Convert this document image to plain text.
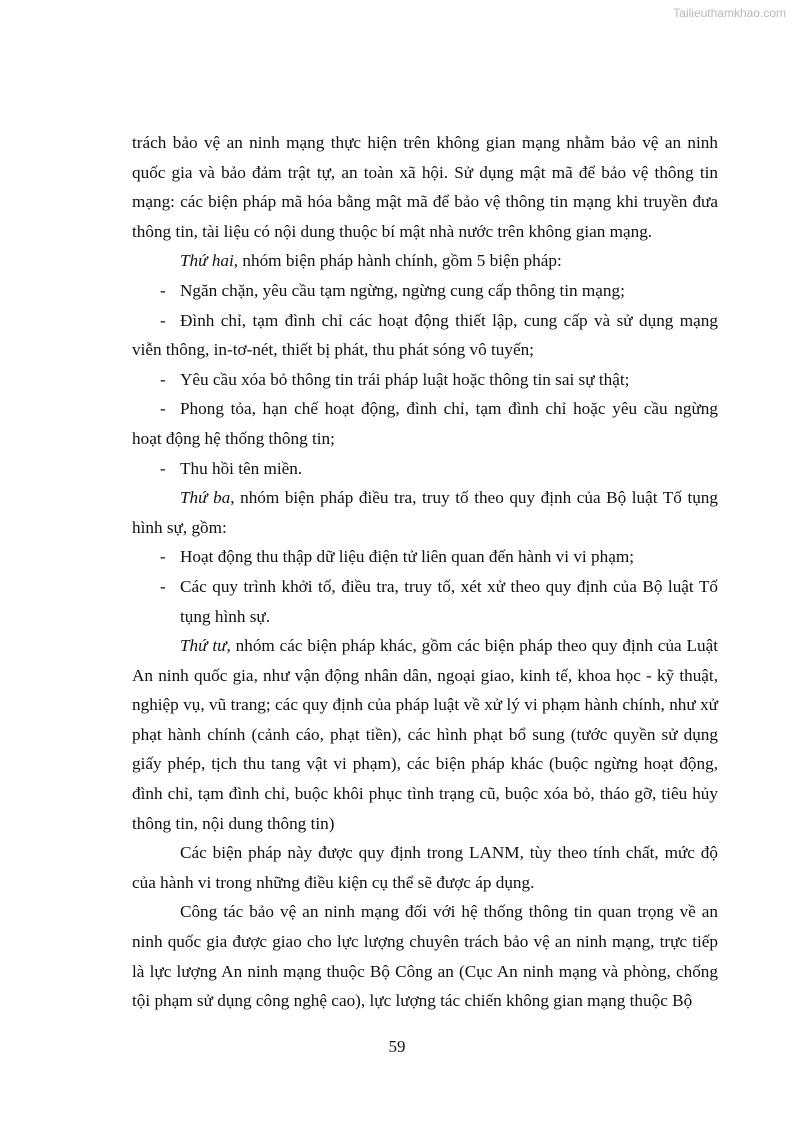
Tailieuthamkhao.com

trách bảo vệ an ninh mạng thực hiện trên không gian mạng nhằm bảo vệ an ninh quốc gia và bảo đảm trật tự, an toàn xã hội. Sử dụng mật mã để bảo vệ thông tin mạng: các biện pháp mã hóa bằng mật mã để bảo vệ thông tin mạng khi truyền đưa thông tin, tài liệu có nội dung thuộc bí mật nhà nước trên không gian mạng.

Thứ hai, nhóm biện pháp hành chính, gồm 5 biện pháp:

- Ngăn chặn, yêu cầu tạm ngừng, ngừng cung cấp thông tin mạng;

- Đình chỉ, tạm đình chỉ các hoạt động thiết lập, cung cấp và sử dụng mạng viễn thông, in-tơ-nét, thiết bị phát, thu phát sóng vô tuyến;

- Yêu cầu xóa bỏ thông tin trái pháp luật hoặc thông tin sai sự thật;

- Phong tỏa, hạn chế hoạt động, đình chỉ, tạm đình chỉ hoặc yêu cầu ngừng hoạt động hệ thống thông tin;

- Thu hồi tên miền.

Thứ ba, nhóm biện pháp điều tra, truy tố theo quy định của Bộ luật Tố tụng hình sự, gồm:

- Hoạt động thu thập dữ liệu điện tử liên quan đến hành vi vi phạm;

- Các quy trình khởi tố, điều tra, truy tố, xét xử theo quy định của Bộ luật Tố tụng hình sự.

Thứ tư, nhóm các biện pháp khác, gồm các biện pháp theo quy định của Luật An ninh quốc gia, như vận động nhân dân, ngoại giao, kinh tế, khoa học - kỹ thuật, nghiệp vụ, vũ trang; các quy định của pháp luật về xử lý vi phạm hành chính, như xử phạt hành chính (cảnh cáo, phạt tiền), các hình phạt bổ sung (tước quyền sử dụng giấy phép, tịch thu tang vật vi phạm), các biện pháp khác (buộc ngừng hoạt động, đình chỉ, tạm đình chỉ, buộc khôi phục tình trạng cũ, buộc xóa bỏ, tháo gỡ, tiêu hủy thông tin, nội dung thông tin)

Các biện pháp này được quy định trong LANM, tùy theo tính chất, mức độ của hành vi trong những điều kiện cụ thể sẽ được áp dụng.

Công tác bảo vệ an ninh mạng đối với hệ thống thông tin quan trọng về an ninh quốc gia được giao cho lực lượng chuyên trách bảo vệ an ninh mạng, trực tiếp là lực lượng An ninh mạng thuộc Bộ Công an (Cục An ninh mạng và phòng, chống tội phạm sử dụng công nghệ cao), lực lượng tác chiến không gian mạng thuộc Bộ

59
